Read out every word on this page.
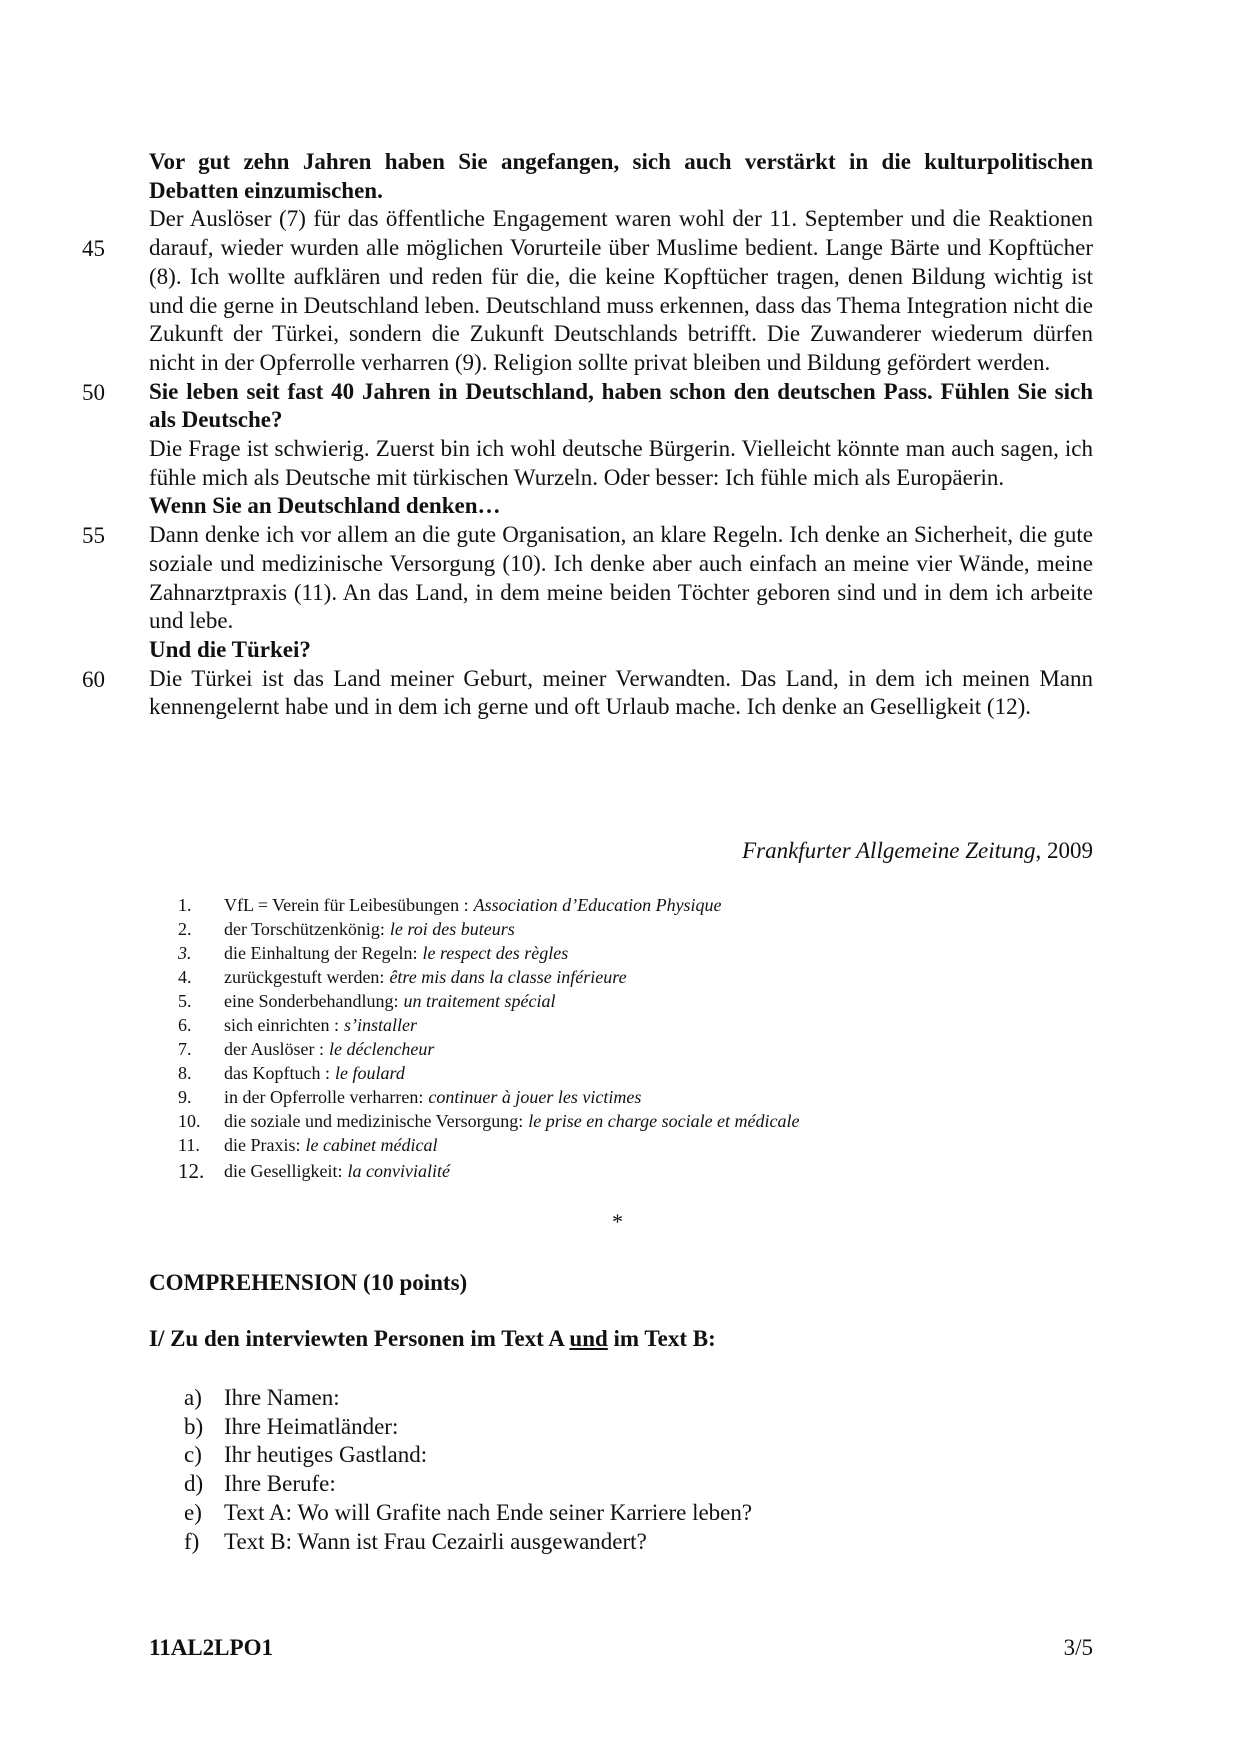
45
50
55
60

Vor gut zehn Jahren haben Sie angefangen, sich auch verstärkt in die kulturpolitischen Debatten einzumischen.

Der Auslöser (7) für das öffentliche Engagement waren wohl der 11. September und die Reaktionen darauf, wieder wurden alle möglichen Vorurteile über Muslime bedient. Lange Bärte und Kopftücher (8). Ich wollte aufklären und reden für die, die keine Kopftücher tragen, denen Bildung wichtig ist und die gerne in Deutschland leben. Deutschland muss erkennen, dass das Thema Integration nicht die Zukunft der Türkei, sondern die Zukunft Deutschlands betrifft. Die Zuwanderer wiederum dürfen nicht in der Opferrolle verharren (9). Religion sollte privat bleiben und Bildung gefördert werden.

Sie leben seit fast 40 Jahren in Deutschland, haben schon den deutschen Pass. Fühlen Sie sich als Deutsche?

Die Frage ist schwierig. Zuerst bin ich wohl deutsche Bürgerin. Vielleicht könnte man auch sagen, ich fühle mich als Deutsche mit türkischen Wurzeln. Oder besser: Ich fühle mich als Europäerin.

Wenn Sie an Deutschland denken…

Dann denke ich vor allem an die gute Organisation, an klare Regeln. Ich denke an Sicherheit, die gute soziale und medizinische Versorgung (10). Ich denke aber auch einfach an meine vier Wände, meine Zahnarztpraxis (11). An das Land, in dem meine beiden Töchter geboren sind und in dem ich arbeite und lebe.

Und die Türkei?

Die Türkei ist das Land meiner Geburt, meiner Verwandten. Das Land, in dem ich meinen Mann kennengelernt habe und in dem ich gerne und oft Urlaub mache. Ich denke an Geselligkeit (12).

Frankfurter Allgemeine Zeitung, 2009
1.	VfL = Verein für Leibesübungen : Association d’Education Physique
2.	der Torschützenkönig: le roi des buteurs
3.	die Einhaltung der Regeln: le respect des règles
4.	zurückgestuft werden: être mis dans la classe inférieure
5.	eine Sonderbehandlung: un traitement spécial
6.	sich einrichten : s’installer
7.	der Auslöser : le déclencheur
8.	das Kopftuch : le foulard
9.	in der Opferrolle verharren: continuer à jouer les victimes
10.	die soziale und medizinische Versorgung: le prise en charge sociale et médicale
11.	die Praxis: le cabinet médical
12.	die Geselligkeit: la convivialité
*
COMPREHENSION (10 points)
I/ Zu den interviewten Personen im Text A und im Text B:
a) Ihre Namen:
b) Ihre Heimatländer:
c) Ihr heutiges Gastland:
d) Ihre Berufe:
e) Text A: Wo will Grafite nach Ende seiner Karriere leben?
f)	Text B: Wann ist Frau Cezairli ausgewandert?
11AL2LPO1	3/5
